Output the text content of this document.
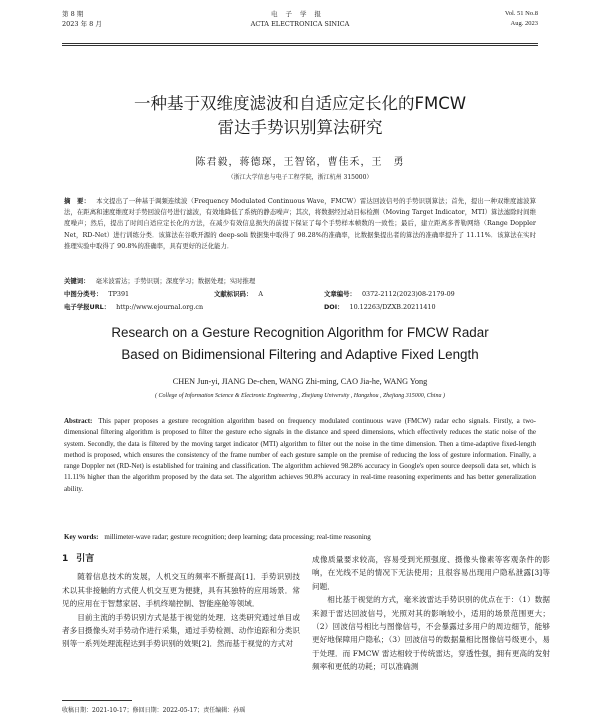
第 8 期
2023 年 8 月
电子学报
ACTA ELECTRONICA SINICA
Vol. 51 No.8
Aug. 2023
一种基于双维度滤波和自适应定长化的FMCW
雷达手势识别算法研究
陈君毅，蒋德琛，王智铭，曹佳禾，王　勇
（浙江大学信息与电子工程学院，浙江杭州 315000）
摘　要： 本文提出了一种基于调频连续波（Frequency Modulated Continuous Wave，FMCW）雷达回波信号的手势识别算法；首先，提出一种双维度滤波算法，在距离和速度维度对手势回波信号进行滤波，有效地降低了系统的静态噪声；其次，将数据经过动目标检测（Moving Target Indicator，MTI）算法滤除时间维度噪声；然后，提出了时间自适应定长化的方法，在减少有效信息损失的前提下保证了每个手势样本帧数的一致性；最后，建立距离多普勒网络（Range Doppler Net，RD-Net）进行训练分类．该算法在谷歌开源的 deep-soli 数据集中取得了 98.28%的准确率，比数据集提出者的算法的准确率提升了 11.11%．该算法在实时推理实验中取得了 90.8%的准确率，具有更好的泛化能力．
关键词： 毫米波雷达；手势识别；深度学习；数据处理；实时推理
中图分类号： TP391	文献标识码： A	文章编号： 0372-2112(2023)08-2179-09
电子学报URL： http://www.ejournal.org.cn	DOI： 10.12263/DZXB.20211410
Research on a Gesture Recognition Algorithm for FMCW Radar
Based on Bidimensional Filtering and Adaptive Fixed Length
CHEN Jun-yi, JIANG De-chen, WANG Zhi-ming, CAO Jia-he, WANG Yong
( College of Information Science & Electronic Engineering , Zhejiang University , Hangzhou , Zhejiang 315000, China )
Abstract: This paper proposes a gesture recognition algorithm based on frequency modulated continuous wave (FMCW) radar echo signals. Firstly, a two-dimensional filtering algorithm is proposed to filter the gesture echo signals in the distance and speed dimensions, which effectively reduces the static noise of the system. Secondly, the data is filtered by the moving target indicator (MTI) algorithm to filter out the noise in the time dimension. Then a time-adaptive fixed-length method is proposed, which ensures the consistency of the frame number of each gesture sample on the premise of reducing the loss of gesture information. Finally, a range Doppler net (RD-Net) is established for training and classification. The algorithm achieved 98.28% accuracy in Google's open source deepsoli data set, which is 11.11% higher than the algorithm proposed by the data set. The algorithm achieves 90.8% accuracy in real-time reasoning experiments and has better generalization ability.
Key words: millimeter-wave radar; gesture recognition; deep learning; data processing; real-time reasoning
1 引言

随着信息技术的发展，人机交互的频率不断提高[1]．手势识别技术以其非接触的方式使人机交互更为便捷，具有其独特的应用场景．常见的应用在于智慧家居、手机终端控制、智能座舱等领域．

目前主流的手势识别方式是基于视觉的处理．这类研究通过单目或者多目摄像头对手势动作进行采集，通过手势检测、动作追踪和分类识别等一系列处理流程达到手势识别的效果[2]．然而基于视觉的方式对

成像质量要求较高，容易受到光照强度、摄像头像素等客观条件的影响，在光线不足的情况下无法使用；且很容易出现用户隐私泄露[3]等问题．

相比基于视觉的方式，毫米波雷达手势识别的优点在于：（1）数据来源于雷达回波信号，光照对其的影响较小，适用的场景范围更大；（2）回波信号相比与图像信号，不会暴露过多用户的周边细节，能够更好地保障用户隐私；（3）回波信号的数据量相比图像信号级更小，易于处理．而 FMCW 雷达相较于传统雷达，穿透性强，拥有更高的发射频率和更低的功耗；可以准确测

收稿日期：2021-10-17；修回日期：2022-05-17；责任编辑：孙瑶
